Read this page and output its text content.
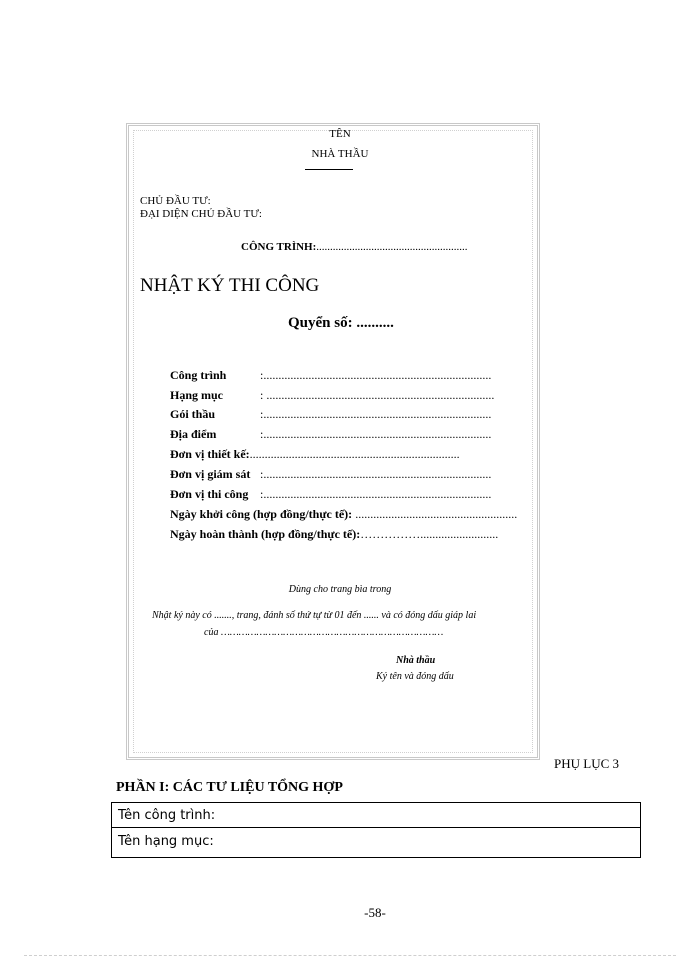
TÊN
NHÀ THẦU
CHỦ ĐẦU TƯ:
ĐẠI DIỆN CHỦ ĐẦU TƯ:
CÔNG TRÌNH:.......................................................
NHẬT KÝ THI CÔNG
Quyển số: ..........
Công trình	:............................................................................
Hạng mục	: ............................................................................
Gói thầu	:............................................................................
Địa điểm	:............................................................................
Đơn vị thiết kế:......................................................................
Đơn vị giám sát :............................................................................
Đơn vị thi công :............................................................................
Ngày khởi công (hợp đồng/thực tế): ......................................................
Ngày hoàn thành (hợp đồng/thực tế):……………..........................
Dùng cho trang bìa trong
Nhật ký này có ......., trang, đánh số thứ tự từ 01 đến ...... và có đóng dấu giáp lai
của …………………………………………………………………
Nhà thầu
Ký tên và đóng dấu
PHỤ LỤC 3
PHẦN I: CÁC TƯ LIỆU TỔNG HỢP
Tên công trình:
Tên hạng mục:
-58-
